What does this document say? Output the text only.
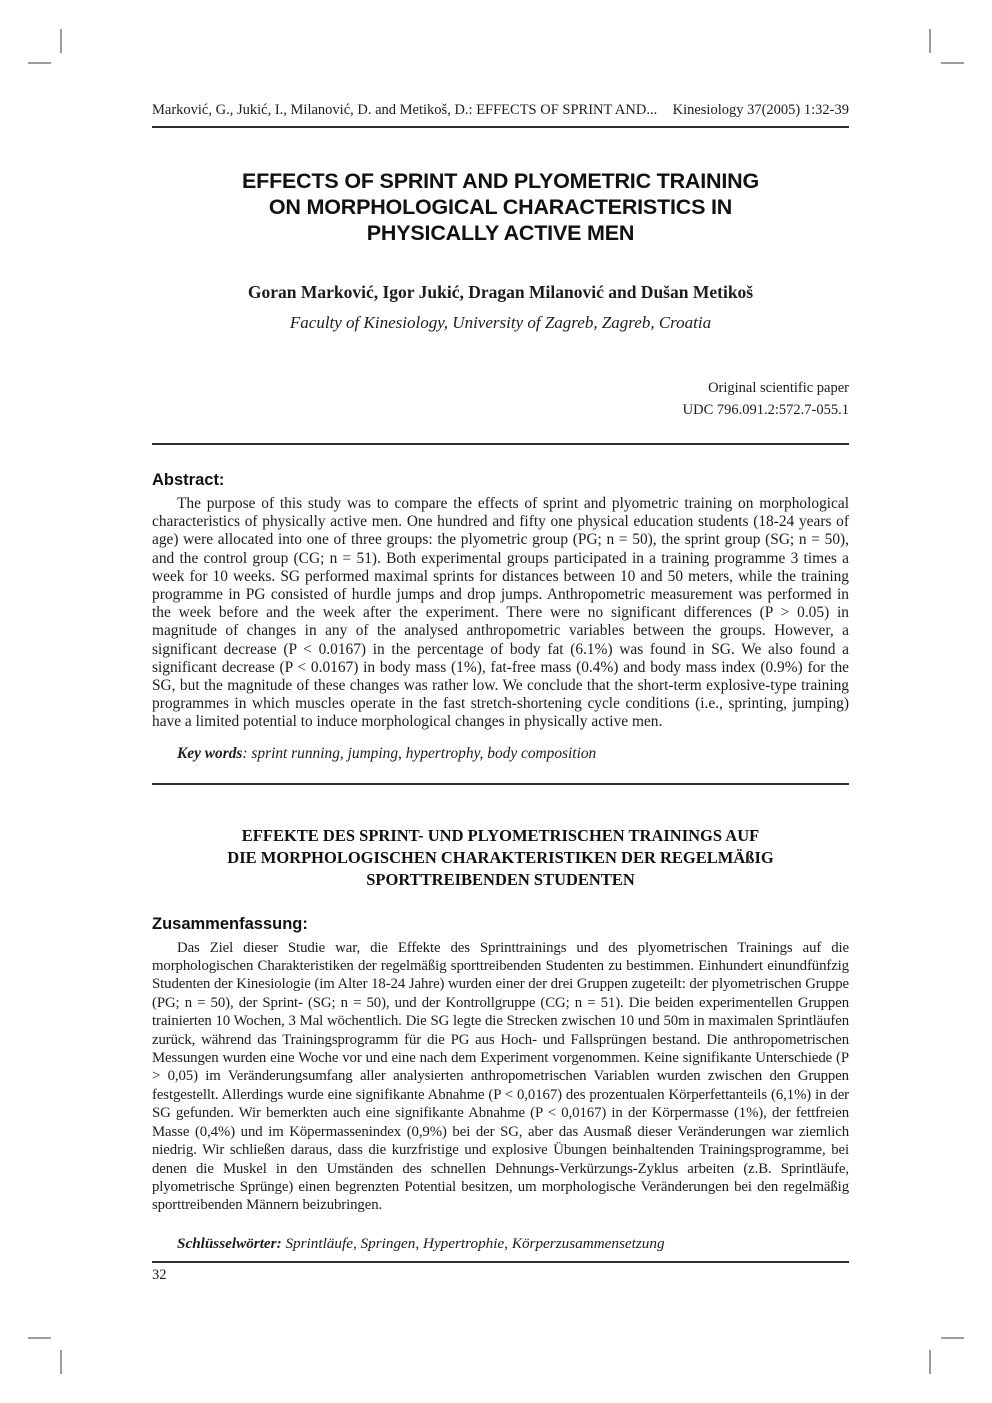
Marković, G., Jukić, I., Milanović, D. and Metikoš, D.: EFFECTS OF SPRINT AND... Kinesiology 37(2005) 1:32-39
EFFECTS OF SPRINT AND PLYOMETRIC TRAINING
ON MORPHOLOGICAL CHARACTERISTICS IN
PHYSICALLY ACTIVE MEN
Goran Marković, Igor Jukić, Dragan Milanović and Dušan Metikoš
Faculty of Kinesiology, University of Zagreb, Zagreb, Croatia
Original scientific paper
UDC 796.091.2:572.7-055.1
Abstract:
The purpose of this study was to compare the effects of sprint and plyometric training on morphological characteristics of physically active men. One hundred and fifty one physical education students (18-24 years of age) were allocated into one of three groups: the plyometric group (PG; n = 50), the sprint group (SG; n = 50), and the control group (CG; n = 51). Both experimental groups participated in a training programme 3 times a week for 10 weeks. SG performed maximal sprints for distances between 10 and 50 meters, while the training programme in PG consisted of hurdle jumps and drop jumps. Anthropometric measurement was performed in the week before and the week after the experiment. There were no significant differences (P > 0.05) in magnitude of changes in any of the analysed anthropometric variables between the groups. However, a significant decrease (P < 0.0167) in the percentage of body fat (6.1%) was found in SG. We also found a significant decrease (P < 0.0167) in body mass (1%), fat-free mass (0.4%) and body mass index (0.9%) for the SG, but the magnitude of these changes was rather low. We conclude that the short-term explosive-type training programmes in which muscles operate in the fast stretch-shortening cycle conditions (i.e., sprinting, jumping) have a limited potential to induce morphological changes in physically active men.
Key words: sprint running, jumping, hypertrophy, body composition
EFFEKTE DES SPRINT- UND PLYOMETRISCHEN TRAININGS AUF
DIE MORPHOLOGISCHEN CHARAKTERISTIKEN DER REGELMÄßIG
SPORTTREIBENDEN STUDENTEN
Zusammenfassung:
Das Ziel dieser Studie war, die Effekte des Sprinttrainings und des plyometrischen Trainings auf die morphologischen Charakteristiken der regelmäßig sporttreibenden Studenten zu bestimmen. Einhundert einundfünfzig Studenten der Kinesiologie (im Alter 18-24 Jahre) wurden einer der drei Gruppen zugeteilt: der plyometrischen Gruppe (PG; n = 50), der Sprint- (SG; n = 50), und der Kontrollgruppe (CG; n = 51). Die beiden experimentellen Gruppen trainierten 10 Wochen, 3 Mal wöchentlich. Die SG legte die Strecken zwischen 10 und 50m in maximalen Sprintläufen zurück, während das Trainingsprogramm für die PG aus Hoch- und Fallsprüngen bestand. Die anthropometrischen Messungen wurden eine Woche vor und eine nach dem Experiment vorgenommen. Keine signifikante Unterschiede (P > 0,05) im Veränderungsumfang aller analysierten anthropometrischen Variablen wurden zwischen den Gruppen festgestellt. Allerdings wurde eine signifikante Abnahme (P < 0,0167) des prozentualen Körperfettanteils (6,1%) in der SG gefunden. Wir bemerkten auch eine signifikante Abnahme (P < 0,0167) in der Körpermasse (1%), der fettfreien Masse (0,4%) und im Köpermassenindex (0,9%) bei der SG, aber das Ausmaß dieser Veränderungen war ziemlich niedrig. Wir schließen daraus, dass die kurzfristige und explosive Übungen beinhaltenden Trainingsprogramme, bei denen die Muskel in den Umständen des schnellen Dehnungs-Verkürzungs-Zyklus arbeiten (z.B. Sprintläufe, plyometrische Sprünge) einen begrenzten Potential besitzen, um morphologische Veränderungen bei den regelmäßig sporttreibenden Männern beizubringen.
Schlüsselwörter: Sprintläufe, Springen, Hypertrophie, Körperzusammensetzung
32
